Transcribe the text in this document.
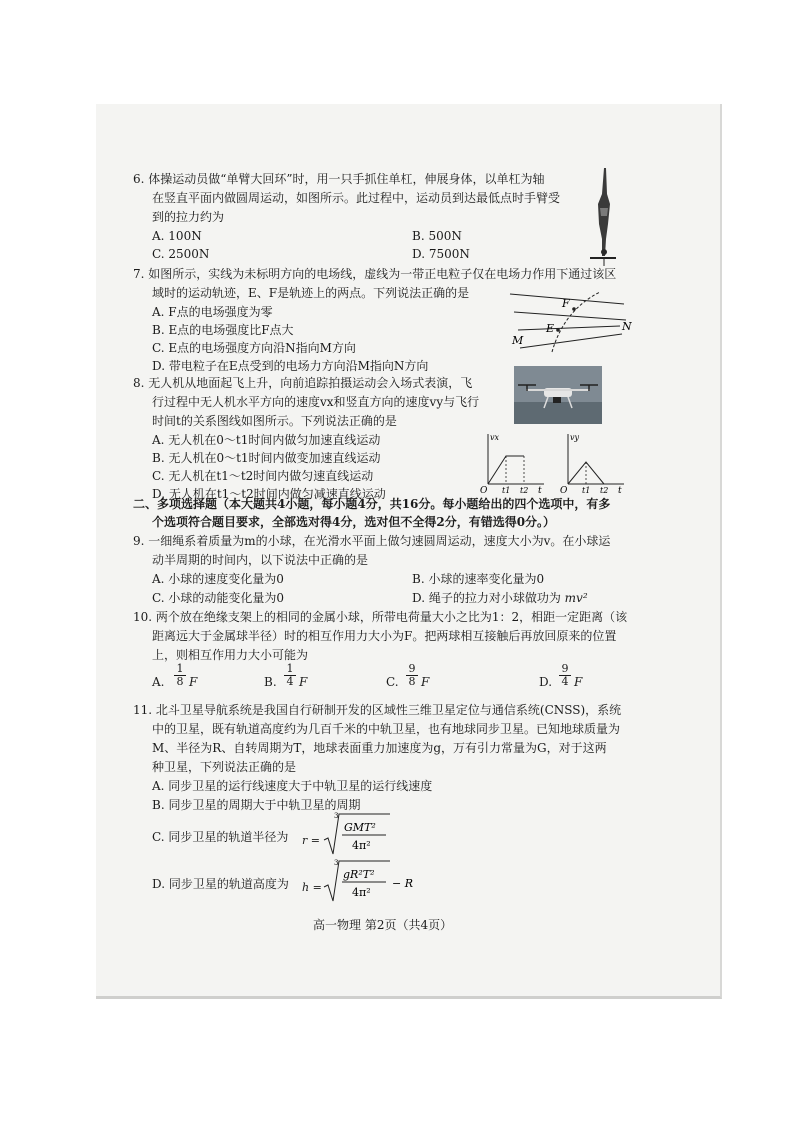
6. 体操运动员做“单臂大回环”时，用一只手抓住单杠，伸展身体，以单杠为轴
在竖直平面内做圆周运动，如图所示。此过程中，运动员到达最低点时手臂受
到的拉力约为
A. 100N	B. 500N
C. 2500N	D. 7500N
7. 如图所示，实线为未标明方向的电场线，虚线为一带正电粒子仅在电场力作用下通过该区
域时的运动轨迹，E、F是轨迹上的两点。下列说法正确的是
A. F点的电场强度为零
B. E点的电场强度比F点大
C. E点的电场强度方向沿N指向M方向
D. 带电粒子在E点受到的电场力方向沿M指向N方向
F
E	N
M
8. 无人机从地面起飞上升，向前追踪拍摄运动会入场式表演，飞
行过程中无人机水平方向的速度vx和竖直方向的速度vy与飞行
时间t的关系图线如图所示。下列说法正确的是
A. 无人机在0～t1时间内做匀加速直线运动
B. 无人机在0～t1时间内做变加速直线运动
C. 无人机在t1～t2时间内做匀速直线运动
D. 无人机在t1～t2时间内做匀减速直线运动
vx
O t1 t2 t
vy
O t1 t2 t
二、多项选择题（本大题共4小题，每小题4分，共16分。每小题给出的四个选项中，有多
个选项符合题目要求，全部选对得4分，选对但不全得2分，有错选得0分。）
9. 一细绳系着质量为m的小球，在光滑水平面上做匀速圆周运动，速度大小为v。在小球运
动半周期的时间内，以下说法中正确的是
A. 小球的速度变化量为0	B. 小球的速率变化量为0
C. 小球的动能变化量为0	D. 绳子的拉力对小球做功为 mv²
10. 两个放在绝缘支架上的相同的金属小球，所带电荷量大小之比为1：2，相距一定距离（该
距离远大于金属球半径）时的相互作用力大小为F。把两球相互接触后再放回原来的位置
上，则相互作用力大小可能为
A. $\frac{1}{8}$ F	B. $\frac{1}{4}$ F	C. $\frac{9}{8}$ F	D. $\frac{9}{4}$ F
11. 北斗卫星导航系统是我国自行研制开发的区域性三维卫星定位与通信系统(CNSS)，系统
中的卫星，既有轨道高度约为几百千米的中轨卫星，也有地球同步卫星。已知地球质量为
M、半径为R、自转周期为T，地球表面重力加速度为g，万有引力常量为G，对于这两
种卫星，下列说法正确的是
A. 同步卫星的运行线速度大于中轨卫星的运行线速度
B. 同步卫星的周期大于中轨卫星的周期
C. 同步卫星的轨道半径为 r =
3
GMT²
4π²
D. 同步卫星的轨道高度为 h =
3
gR²T²
4π²
− R
高一物理 第2页（共4页）
